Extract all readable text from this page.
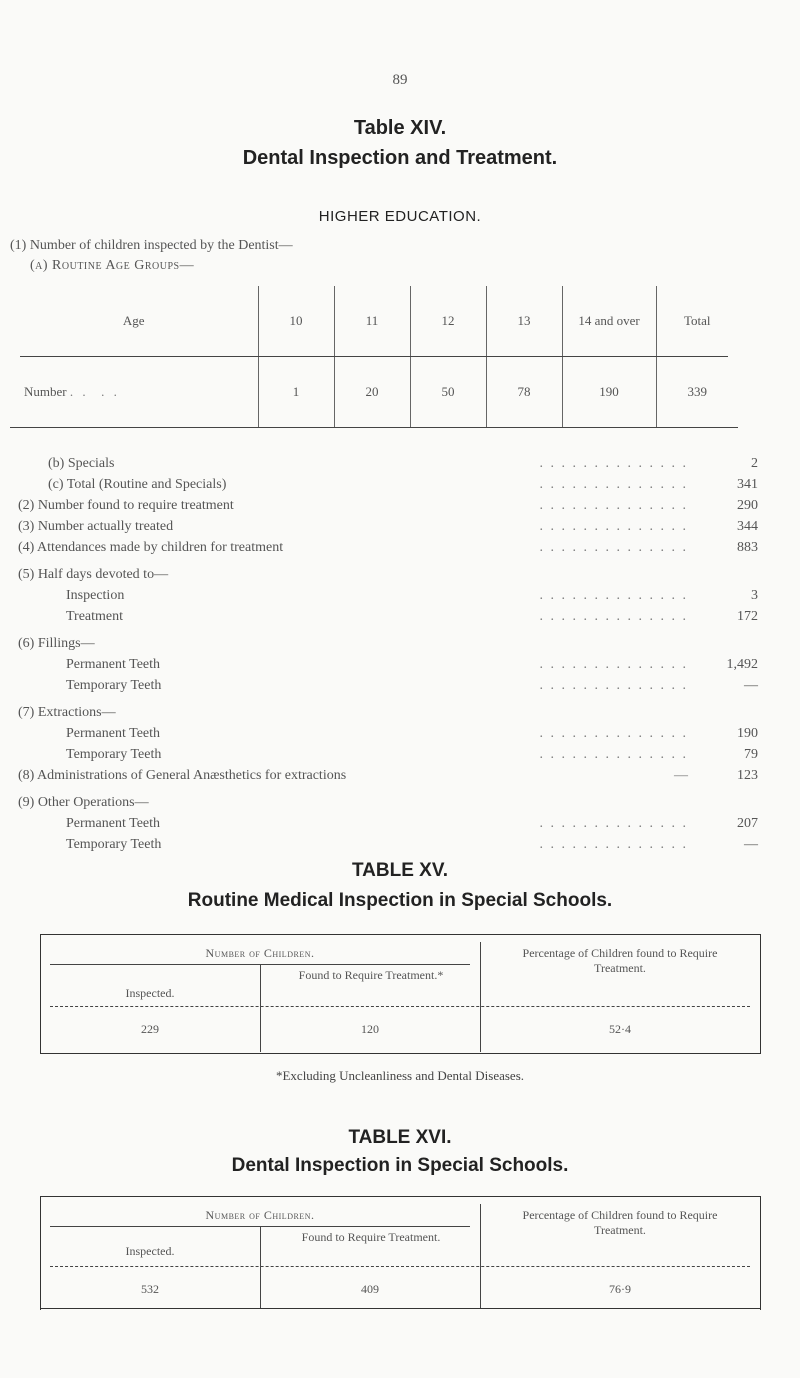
89
Table XIV.
Dental Inspection and Treatment.
HIGHER EDUCATION.
(1) Number of children inspected by the Dentist—
(a) Routine Age Groups—
Age	10	11	12	13	14 and over	Total

Number . .  . .	1	20	50	78	190	339
. . . . . . . . . . . . . .
(b) Specials	2
. . . . . . . . . . . . . .
(c) Total (Routine and Specials)	341
. . . . . . . . . . . . . .
(2) Number found to require treatment	290
. . . . . . . . . . . . . .
(3) Number actually treated	344
. . . . . . . . . . . . . .
(4) Attendances made by children for treatment	883
(5) Half days devoted to—
. . . . . . . . . . . . . .
Inspection	3
. . . . . . . . . . . . . .
Treatment	172
(6) Fillings—
. . . . . . . . . . . . . .
Permanent Teeth	1,492
. . . . . . . . . . . . . .
Temporary Teeth	—
(7) Extractions—
. . . . . . . . . . . . . .
Permanent Teeth	190
. . . . . . . . . . . . . .
Temporary Teeth	79
—
(8) Administrations of General Anæsthetics for extractions	123
(9) Other Operations—
. . . . . . . . . . . . . .
Permanent Teeth	207
. . . . . . . . . . . . . .
Temporary Teeth	—
TABLE XV.
Routine Medical Inspection in Special Schools.
Number of Children.
Inspected.
Found to Require Treatment.*
Percentage of Children found to Require Treatment.
229	120	52·4
*Excluding Uncleanliness and Dental Diseases.
TABLE XVI.
Dental Inspection in Special Schools.
Number of Children.
Inspected.
Found to Require Treatment.
Percentage of Children found to Require Treatment.
532	409	76·9
